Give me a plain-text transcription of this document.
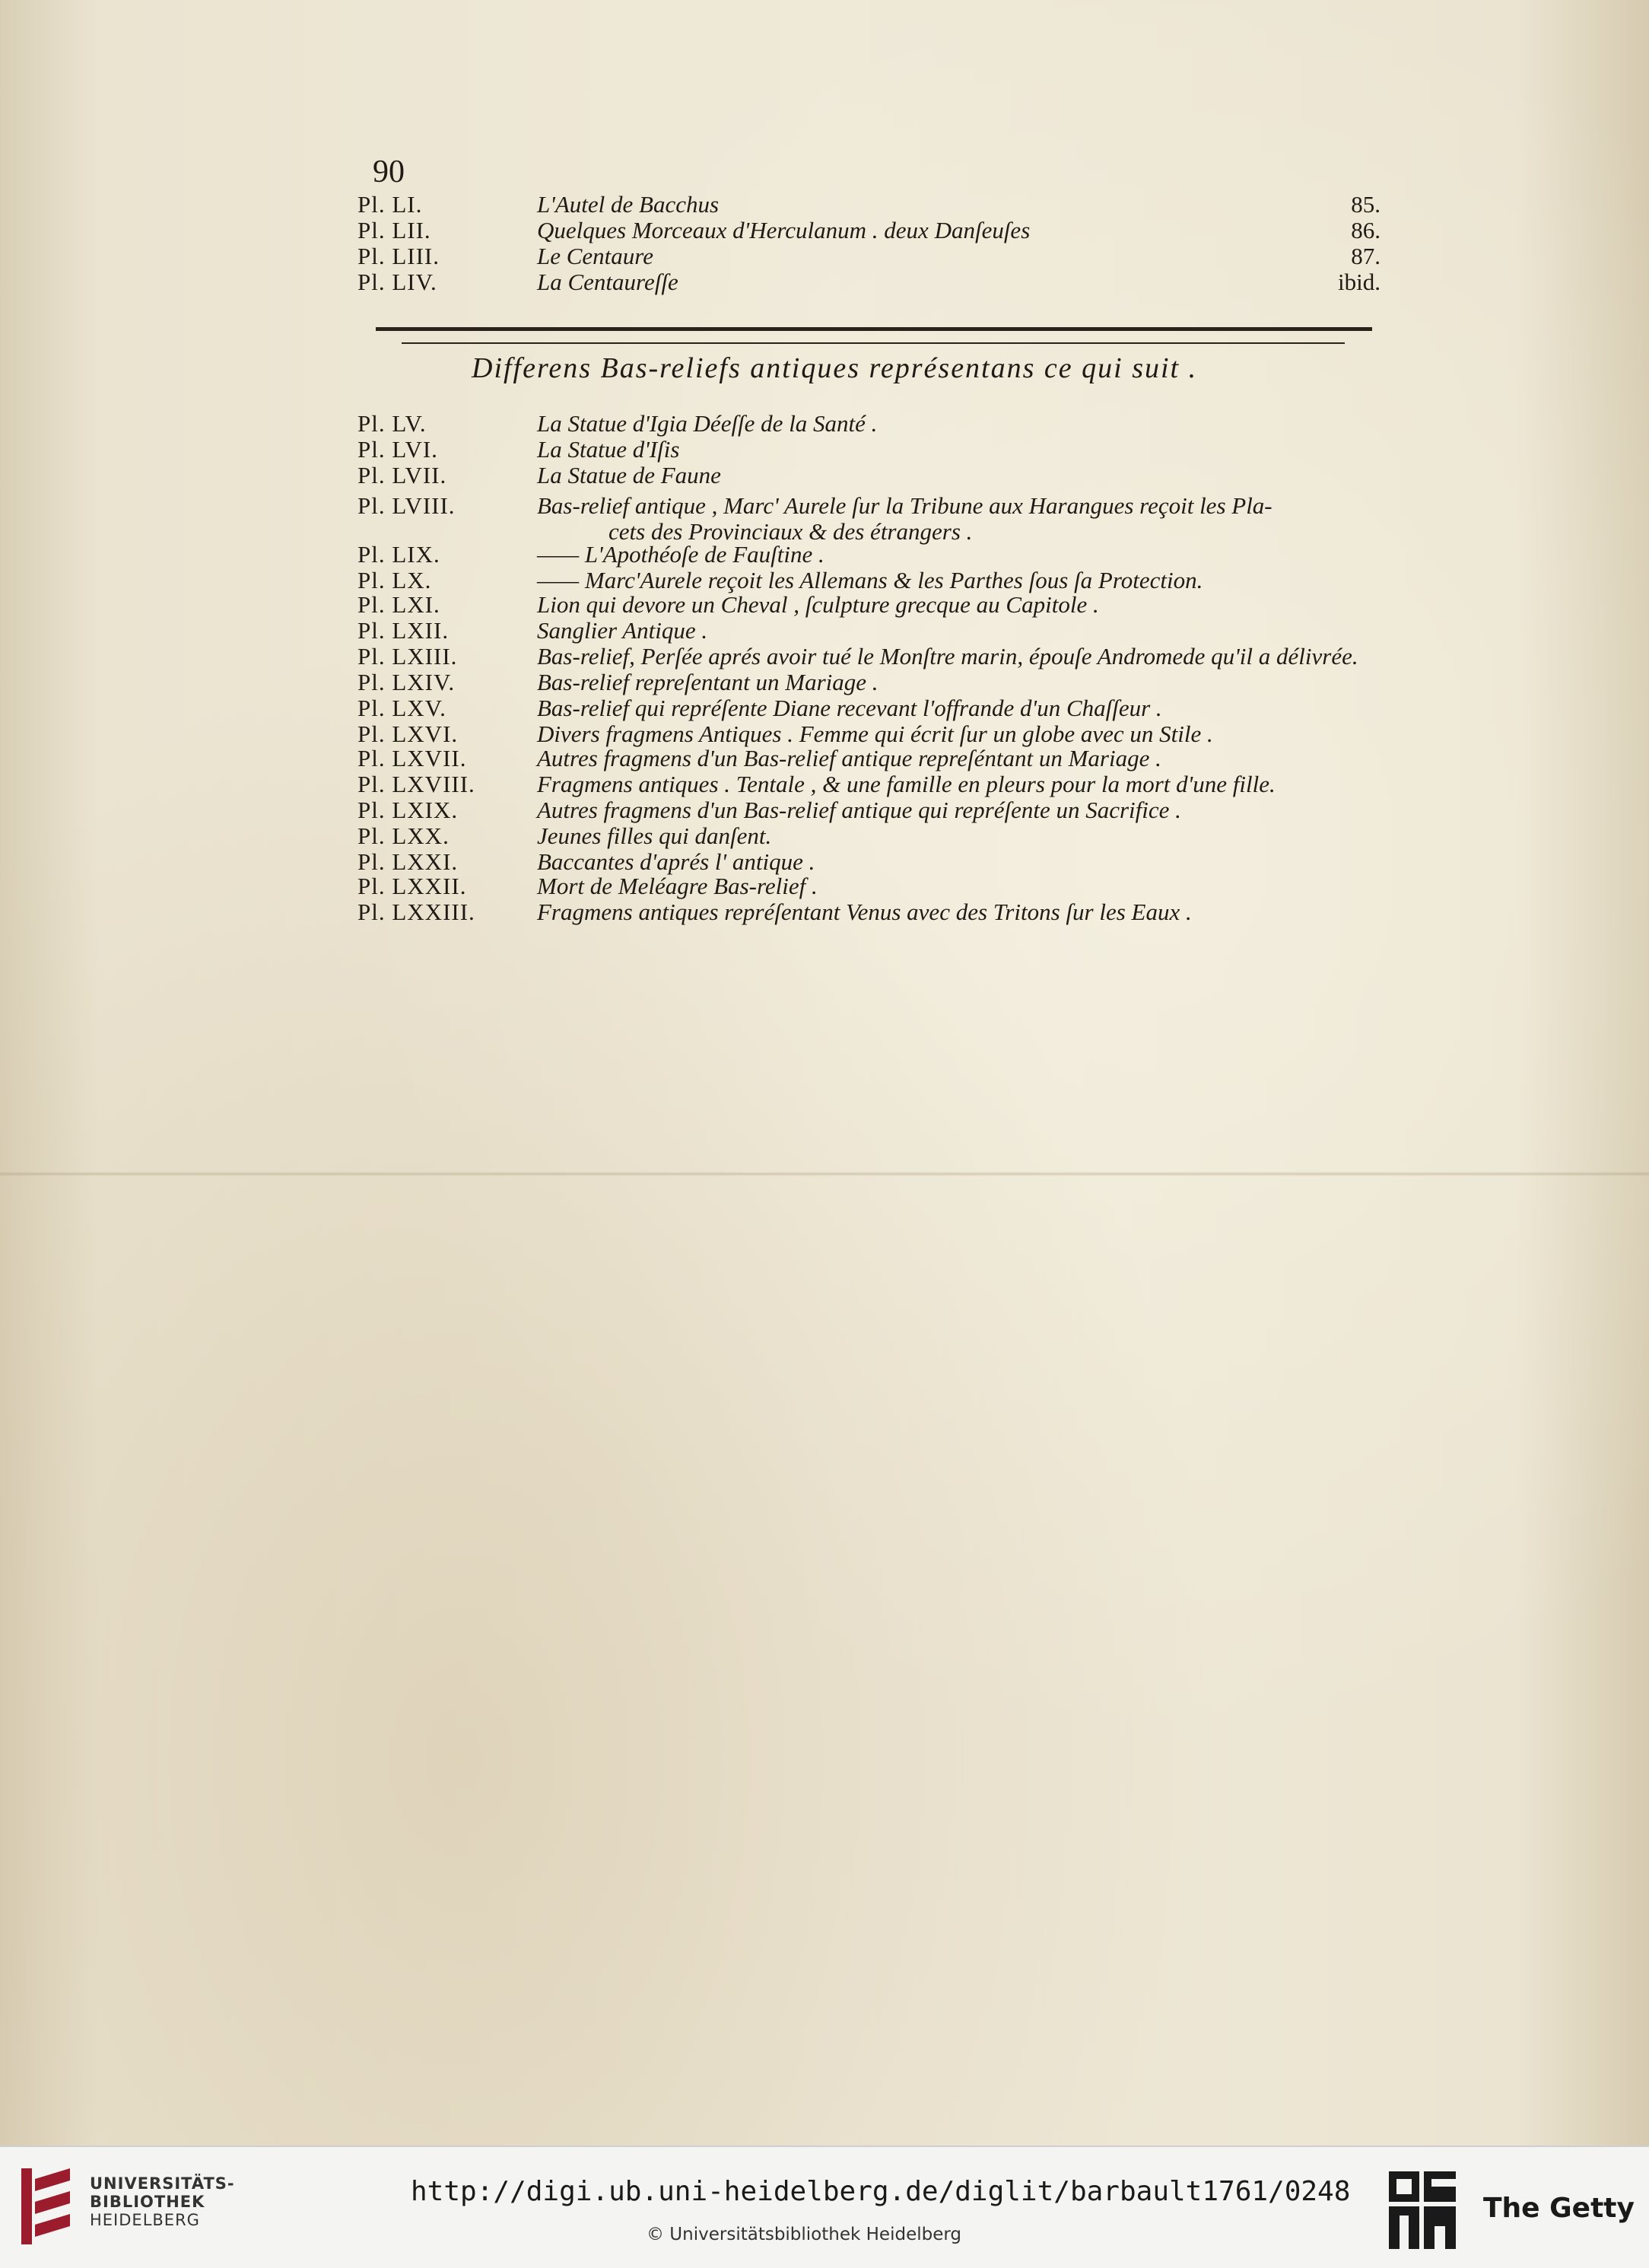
90
Pl. LI.	L'Autel de Bacchus	85.
Pl. LII.	Quelques Morceaux d'Herculanum . deux Danſeuſes	86.
Pl. LIII.	Le Centaure	87.
Pl. LIV.	La Centaureſſe	ibid.
Differens Bas-reliefs antiques représentans ce qui suit .
Pl. LV.	La Statue d'Igia Déeſſe de la Santé .
Pl. LVI.	La Statue d'Iſis
Pl. LVII.	La Statue de Faune
Pl. LVIII.	Bas-relief antique , Marc' Aurele ſur la Tribune aux Harangues reçoit les Pla-
cets des Provinciaux & des étrangers .
Pl. LIX.	—— L'Apothéoſe de Fauſtine .
Pl. LX.	—— Marc'Aurele reçoit les Allemans & les Parthes ſous ſa Protection.
Pl. LXI.	Lion qui devore un Cheval , ſculpture grecque au Capitole .
Pl. LXII.	Sanglier Antique .
Pl. LXIII.	Bas-relief, Perſée aprés avoir tué le Monſtre marin, épouſe Andromede qu'il a délivrée.
Pl. LXIV.	Bas-relief repreſentant un Mariage .
Pl. LXV.	Bas-relief qui repréſente Diane recevant l'offrande d'un Chaſſeur .
Pl. LXVI.	Divers fragmens Antiques . Femme qui écrit ſur un globe avec un Stile .
Pl. LXVII.	Autres fragmens d'un Bas-relief antique repreſéntant un Mariage .
Pl. LXVIII.	Fragmens antiques . Tentale , & une famille en pleurs pour la mort d'une fille.
Pl. LXIX.	Autres fragmens d'un Bas-relief antique qui repréſente un Sacrifice .
Pl. LXX.	Jeunes filles qui danſent.
Pl. LXXI.	Baccantes d'aprés l' antique .
Pl. LXXII.	Mort de Meléagre Bas-relief .
Pl. LXXIII.	Fragmens antiques repréſentant Venus avec des Tritons ſur les Eaux .
UNIVERSITÄTS-
BIBLIOTHEK
HEIDELBERG
http://digi.ub.uni-heidelberg.de/diglit/barbault1761/0248
© Universitätsbibliothek Heidelberg
The Getty
